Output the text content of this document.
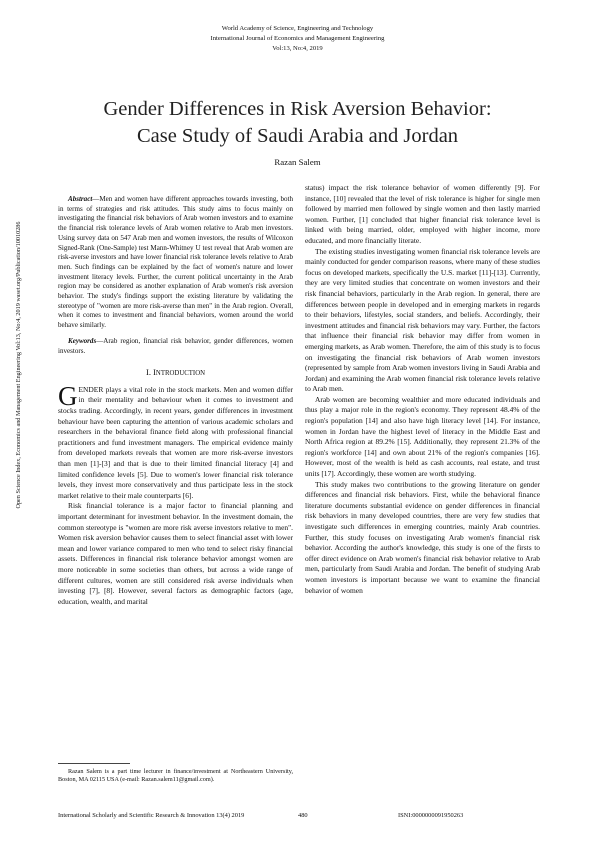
World Academy of Science, Engineering and Technology
International Journal of Economics and Management Engineering
Vol:13, No:4, 2019
Gender Differences in Risk Aversion Behavior:
Case Study of Saudi Arabia and Jordan
Razan Salem
Open Science Index, Economics and Management Engineering Vol:13, No:4, 2019 waset.org/Publication/10010286

Abstract—Men and women have different approaches towards investing, both in terms of strategies and risk attitudes. This study aims to focus mainly on investigating the financial risk behaviors of Arab women investors and to examine the financial risk tolerance levels of Arab women relative to Arab men investors. Using survey data on 547 Arab men and women investors, the results of Wilcoxon Signed-Rank (One-Sample) test Mann-Whitney U test reveal that Arab women are risk-averse investors and have lower financial risk tolerance levels relative to Arab men. Such findings can be explained by the fact of women's nature and lower investment literacy levels. Further, the current political uncertainty in the Arab region may be considered as another explanation of Arab women's risk aversion behavior. The study's findings support the existing literature by validating the stereotype of "women are more risk-averse than men" in the Arab region. Overall, when it comes to investment and financial behaviors, women around the world behave similarly.

Keywords—Arab region, financial risk behavior, gender differences, women investors.

I. INTRODUCTION

GENDER plays a vital role in the stock markets. Men and women differ in their mentality and behaviour when it comes to investment and stocks trading. Accordingly, in recent years, gender differences in investment behaviour have been capturing the attention of various academic scholars and researchers in the behavioral finance field along with professional financial practitioners and fund investment managers. The empirical evidence mainly from developed markets reveals that women are more risk-averse investors than men [1]-[3] and that is due to their limited financial literacy [4] and limited confidence levels [5]. Due to women's lower financial risk tolerance levels, they invest more conservatively and thus participate less in the stock market relative to their male counterparts [6].

Risk financial tolerance is a major factor to financial planning and important determinant for investment behavior. In the investment domain, the common stereotype is "women are more risk averse investors relative to men". Women risk aversion behavior causes them to select financial asset with lower mean and lower variance compared to men who tend to select risky financial assets. Differences in financial risk tolerance behavior amongst women are more noticeable in some societies than others, but across a wide range of different cultures, women are still considered risk averse individuals when investing [7], [8]. However, several factors as demographic factors (age, education, wealth, and marital

Razan Salem is a part time lecturer in finance/investment at Northeastern University, Boston, MA 02115 USA (e-mail: Razan.salem11@gmail.com).

status) impact the risk tolerance behavior of women differently [9]. For instance, [10] revealed that the level of risk tolerance is higher for single men followed by married men followed by single women and then lastly married women. Further, [1] concluded that higher financial risk tolerance level is linked with being married, older, employed with higher income, more educated, and more financially literate.

The existing studies investigating women financial risk tolerance levels are mainly conducted for gender comparison reasons, where many of these studies focus on developed markets, specifically the U.S. market [11]-[13]. Currently, they are very limited studies that concentrate on women investors and their risk financial behaviors, particularly in the Arab region. In general, there are differences between people in developed and in emerging markets in regards to their behaviors, lifestyles, social standers, and beliefs. Accordingly, their investment attitudes and financial risk behaviors may vary. Further, the factors that influence their financial risk behavior may differ from women in emerging markets, as Arab women. Therefore, the aim of this study is to focus on investigating the financial risk behaviors of Arab women investors (represented by sample from Arab women investors living in Saudi Arabia and Jordan) and examining the Arab women financial risk tolerance levels relative to Arab men.

Arab women are becoming wealthier and more educated individuals and thus play a major role in the region's economy. They represent 48.4% of the region's population [14] and also have high literacy level [14]. For instance, women in Jordan have the highest level of literacy in the Middle East and North Africa region at 89.2% [15]. Additionally, they represent 21.3% of the region's workforce [14] and own about 21% of the region's companies [16]. However, most of the wealth is held as cash accounts, real estate, and trust units [17]. Accordingly, these women are worth studying.

This study makes two contributions to the growing literature on gender differences and financial risk behaviors. First, while the behavioral finance literature documents substantial evidence on gender differences in financial risk behaviors in many developed countries, there are very few studies that investigate such differences in emerging countries, mainly Arab countries. Further, this study focuses on investigating Arab women's financial risk behavior. According the author's knowledge, this study is one of the firsts to offer direct evidence on Arab women's financial risk behavior relative to Arab men, particularly from Saudi Arabia and Jordan. The benefit of studying Arab women investors is important because we want to examine the financial behavior of women

International Scholarly and Scientific Research & Innovation 13(4) 2019	480	ISNI:0000000091950263
